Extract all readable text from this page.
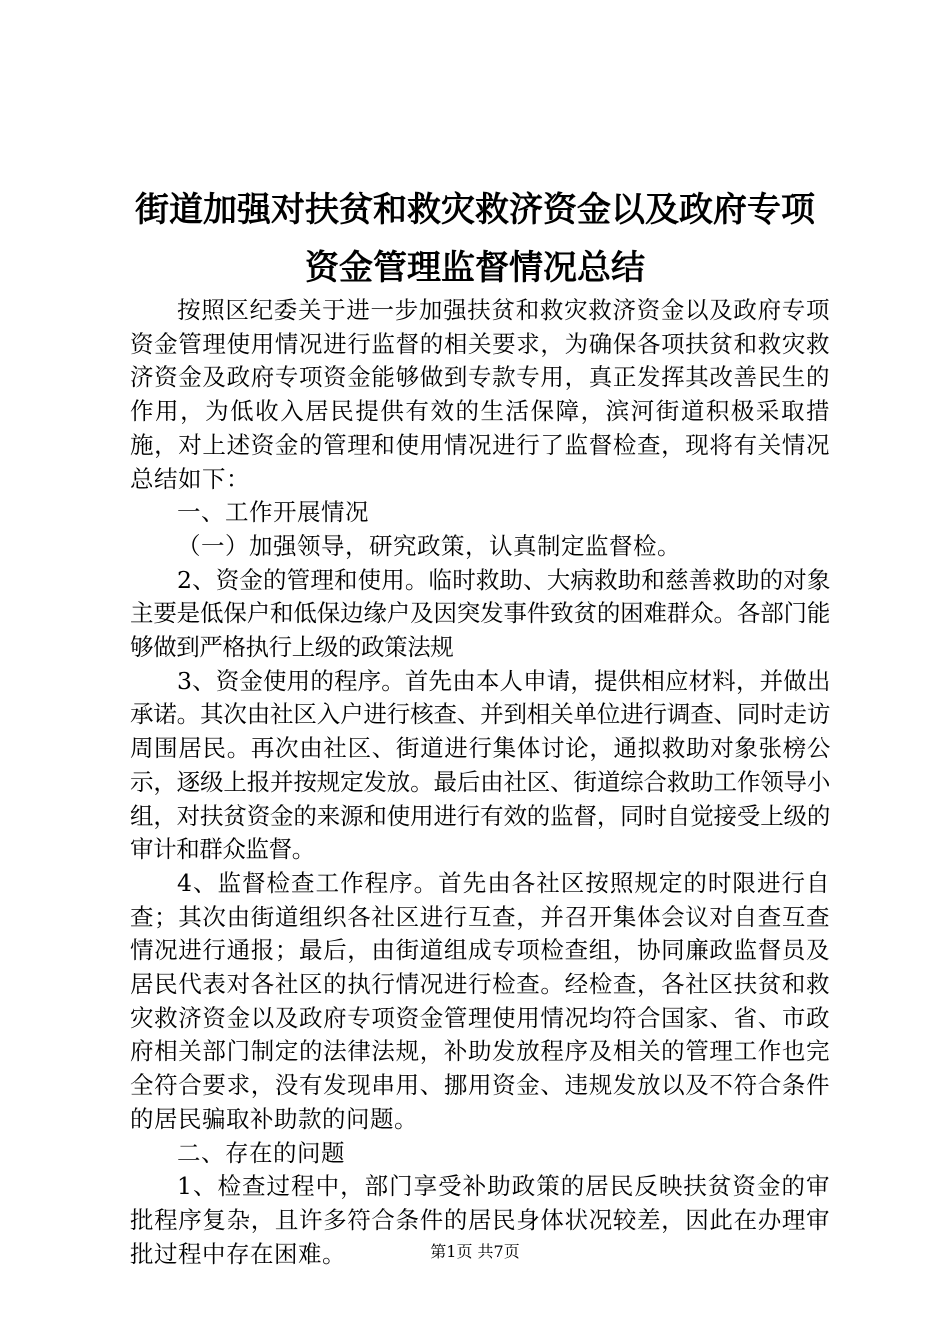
街道加强对扶贫和救灾救济资金以及政府专项
资金管理监督情况总结

按照区纪委关于进一步加强扶贫和救灾救济资金以及政府专项资金管理使用情况进行监督的相关要求，为确保各项扶贫和救灾救济资金及政府专项资金能够做到专款专用，真正发挥其改善民生的作用，为低收入居民提供有效的生活保障，滨河街道积极采取措施，对上述资金的管理和使用情况进行了监督检查，现将有关情况总结如下：

一、工作开展情况

（一）加强领导，研究政策，认真制定监督检。

2、资金的管理和使用。临时救助、大病救助和慈善救助的对象主要是低保户和低保边缘户及因突发事件致贫的困难群众。各部门能够做到严格执行上级的政策法规

3、资金使用的程序。首先由本人申请，提供相应材料，并做出承诺。其次由社区入户进行核查、并到相关单位进行调查、同时走访周围居民。再次由社区、街道进行集体讨论，通拟救助对象张榜公示，逐级上报并按规定发放。最后由社区、街道综合救助工作领导小组，对扶贫资金的来源和使用进行有效的监督，同时自觉接受上级的审计和群众监督。

4、监督检查工作程序。首先由各社区按照规定的时限进行自查；其次由街道组织各社区进行互查，并召开集体会议对自查互查情况进行通报；最后，由街道组成专项检查组，协同廉政监督员及居民代表对各社区的执行情况进行检查。经检查，各社区扶贫和救灾救济资金以及政府专项资金管理使用情况均符合国家、省、市政府相关部门制定的法律法规，补助发放程序及相关的管理工作也完全符合要求，没有发现串用、挪用资金、违规发放以及不符合条件的居民骗取补助款的问题。

二、存在的问题

1、检查过程中，部门享受补助政策的居民反映扶贫资金的审批程序复杂，且许多符合条件的居民身体状况较差，因此在办理审批过程中存在困难。	第1页 共7页
